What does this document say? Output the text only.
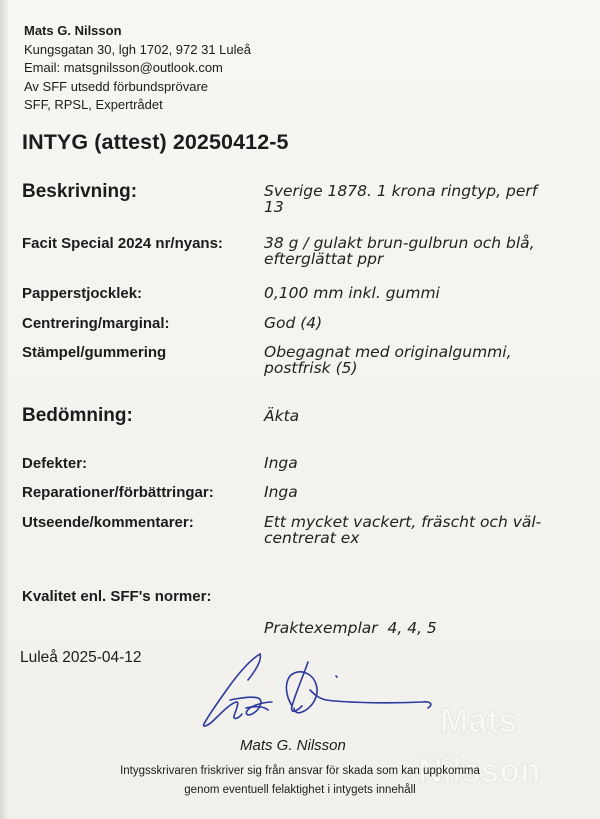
Mats G. Nilsson
Kungsgatan 30, lgh 1702, 972 31 Luleå
Email: matsgnilsson@outlook.com
Av SFF utsedd förbundsprövare
SFF, RPSL, Expertrådet
INTYG (attest) 20250412-5
Beskrivning:	Sverige 1878. 1 krona ringtyp, perf
13
Facit Special 2024 nr/nyans:	38 g / gulakt brun-gulbrun och blå,
efterglättat ppr
Papperstjocklek:	0,100 mm inkl. gummi
Centrering/marginal:	God (4)
Stämpel/gummering	Obegagnat med originalgummi,
postfrisk (5)
Bedömning:	Äkta
Defekter:	Inga
Reparationer/förbättringar:	Inga
Utseende/kommentarer:	Ett mycket vackert, fräscht och väl-
centrerat ex
Kvalitet enl. SFF's normer:

Praktexemplar  4, 4, 5

Luleå 2025-04-12
Mats
Nilsson
Mats G. Nilsson
Intygsskrivaren friskriver sig från ansvar för skada som kan uppkomma
genom eventuell felaktighet i intygets innehåll
